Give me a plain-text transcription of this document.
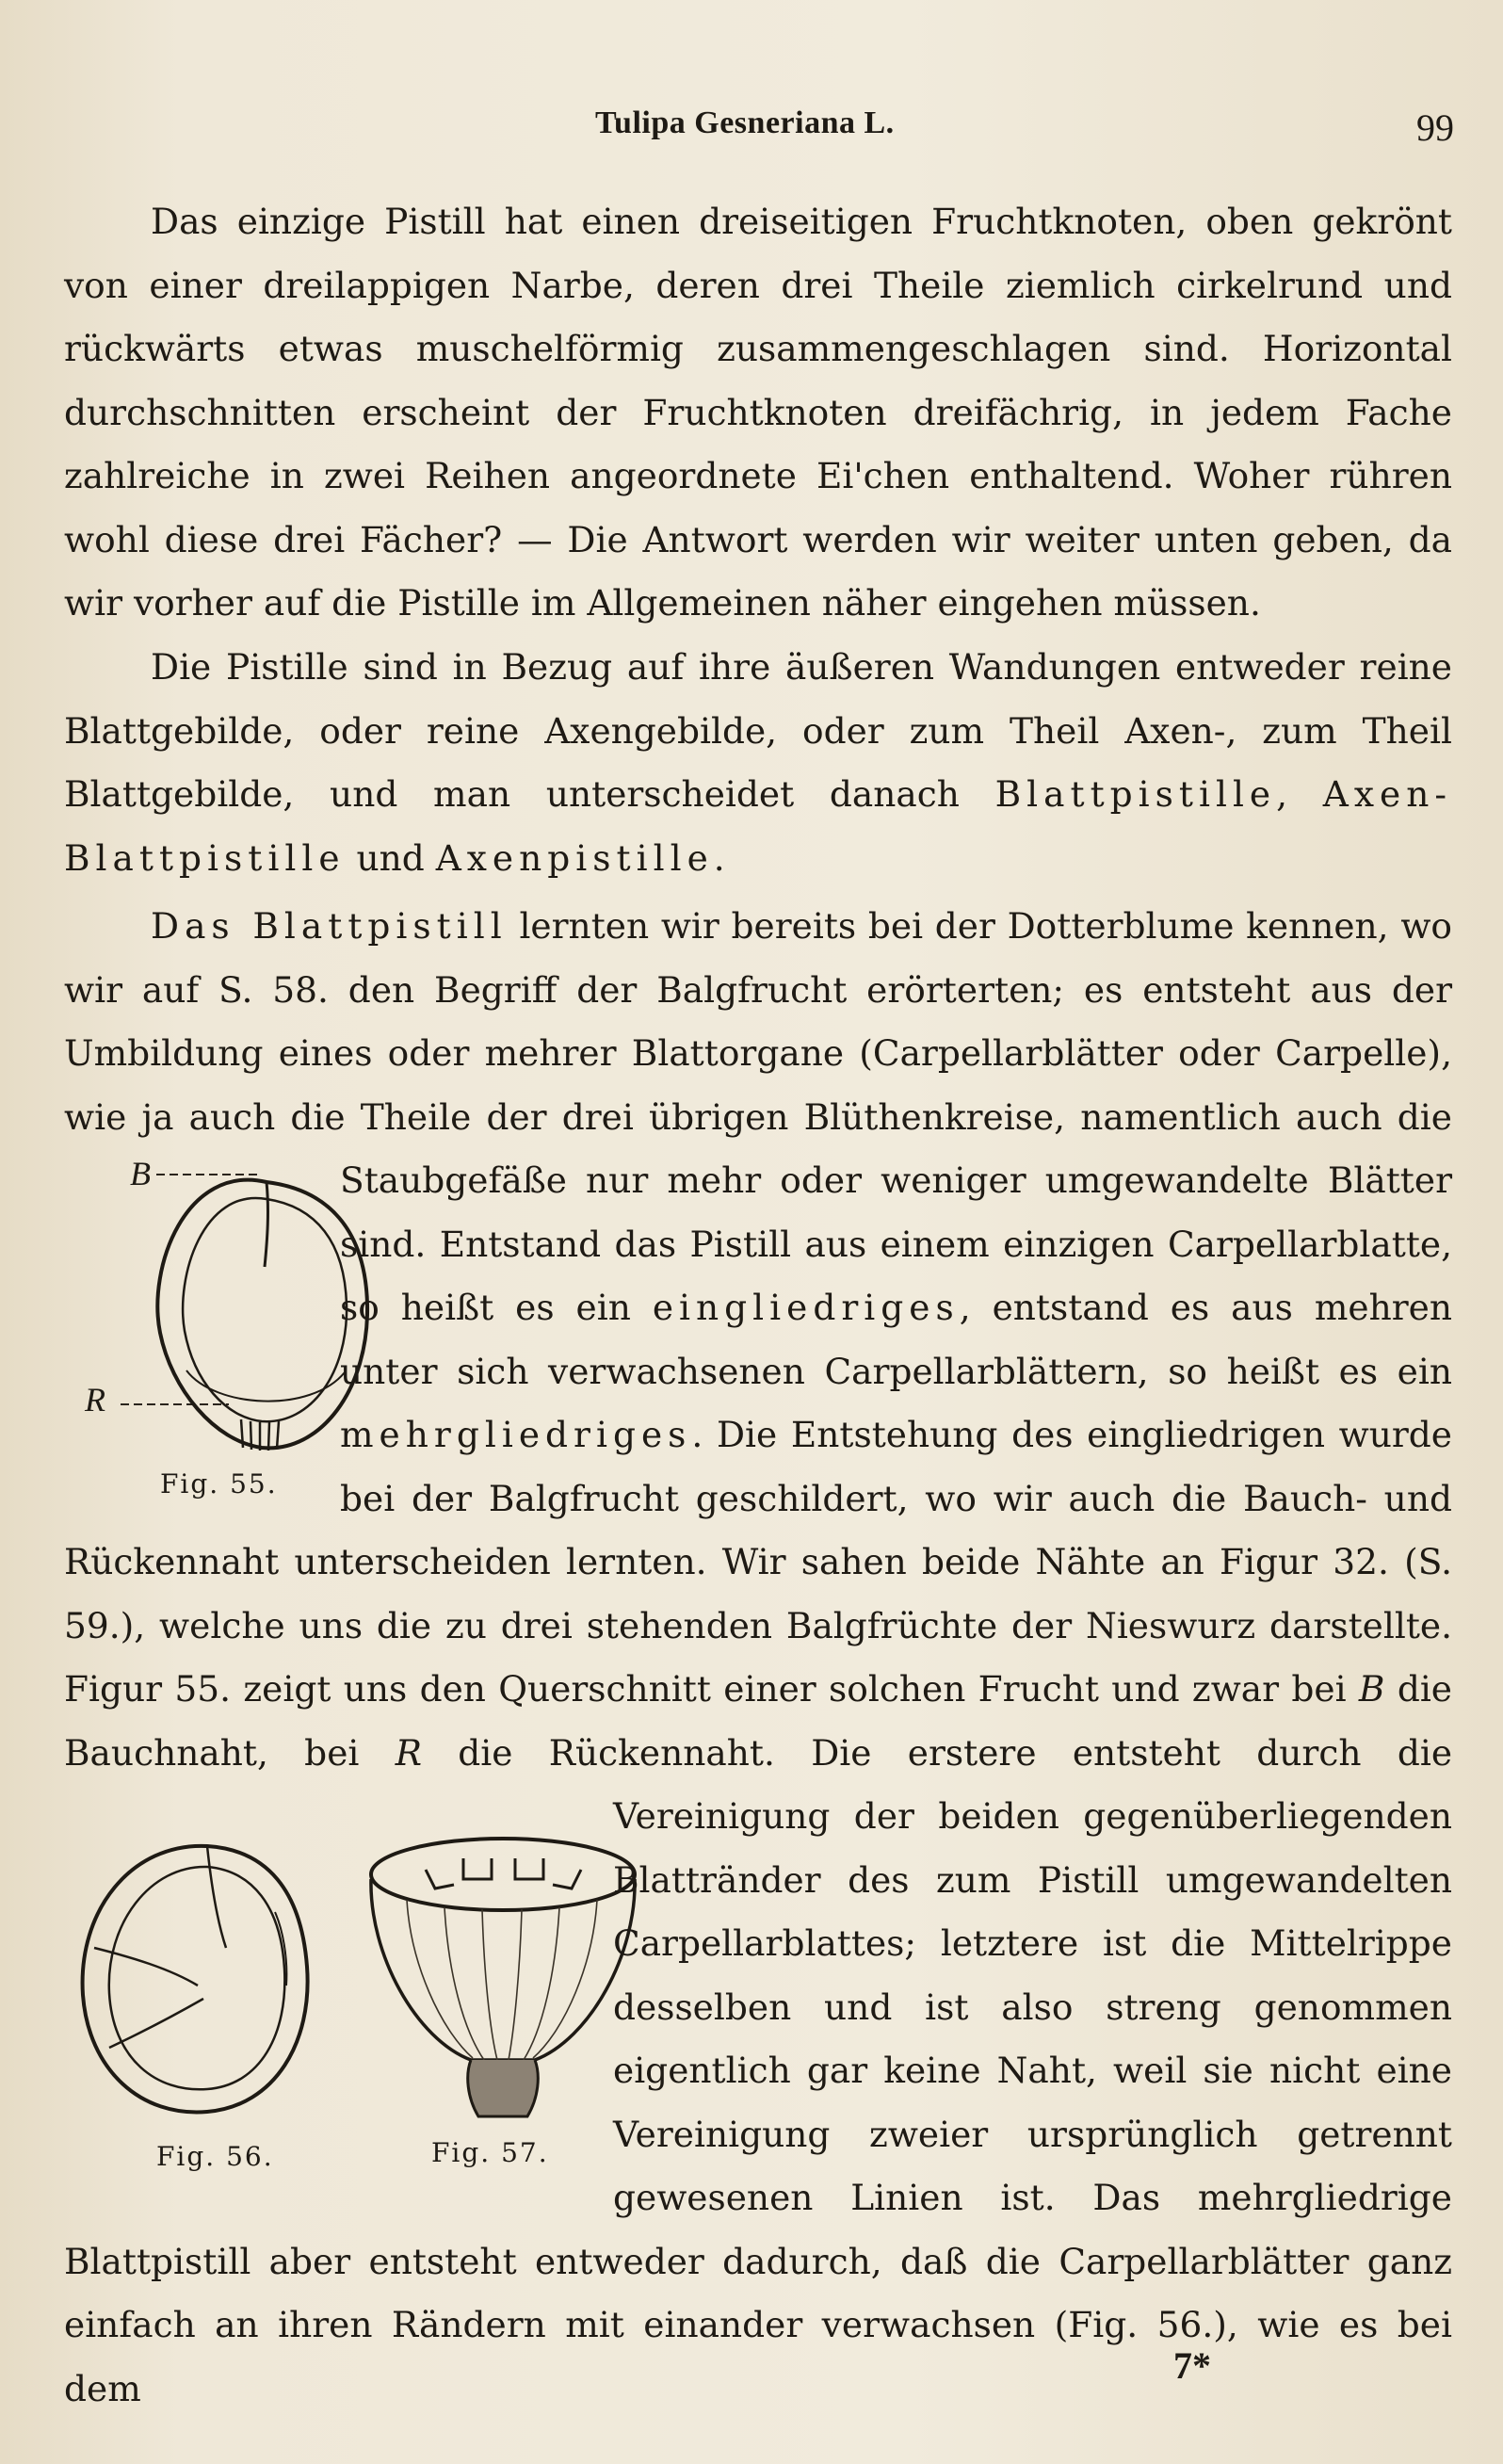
Tulipa Gesneriana L.	99

Das einzige Pistill hat einen dreiseitigen Fruchtknoten, oben gekrönt von einer dreilappigen Narbe, deren drei Theile ziemlich cirkelrund und rückwärts etwas muschelförmig zusammengeschlagen sind. Horizontal durchschnitten erscheint der Fruchtknoten dreifächrig, in jedem Fache zahlreiche in zwei Reihen angeordnete Ei'chen enthaltend. Woher rühren wohl diese drei Fächer? — Die Antwort werden wir weiter unten geben, da wir vorher auf die Pistille im Allgemeinen näher eingehen müssen.

Die Pistille sind in Bezug auf ihre äußeren Wandungen entweder reine Blattgebilde, oder reine Axengebilde, oder zum Theil Axen-, zum Theil Blattgebilde, und man unterscheidet danach Blattpistille, Axen-Blattpistille und Axenpistille.

Das Blattpistill lernten wir bereits bei der Dotterblume kennen, wo wir auf S. 58. den Begriff der Balgfrucht erörterten; es entsteht aus der Umbildung eines oder mehrer Blattorgane (Carpellarblätter oder Carpelle), wie ja auch die Theile der drei übrigen Blüthenkreise, namentlich auch die Staubgefäße nur mehr oder weniger umgewandelte Blätter sind. Entstand das Pistill aus einem einzigen Carpellarblatte, so heißt es ein eingliedriges, entstand es aus mehren unter sich verwachsenen Carpellarblättern, so heißt es ein mehrgliedriges. Die Entstehung des eingliedrigen wurde bei der Balgfrucht geschildert, wo wir auch die Bauch- und Rückennaht unterscheiden lernten. Wir sahen beide Nähte an Figur 32. (S. 59.), welche uns die zu drei stehenden Balgfrüchte der Nieswurz darstellte. Figur 55. zeigt uns den Querschnitt einer solchen Frucht und zwar bei B die Bauchnaht, bei R die Rückennaht. Die erstere entsteht durch die Vereinigung der beiden gegenüberliegenden Blattränder des zum Pistill umgewandelten Carpellarblattes; letztere ist die Mittelrippe desselben und ist also streng genommen eigentlich gar keine Naht, weil sie nicht eine Vereinigung zweier ursprünglich getrennt gewesenen Linien ist. Das mehrgliedrige Blattpistill aber entsteht entweder dadurch, daß die Carpellarblätter ganz einfach an ihren Rändern mit einander verwachsen (Fig. 56.), wie es bei dem

B
R
Fig. 55.
Fig. 56.	Fig. 57.
7*
